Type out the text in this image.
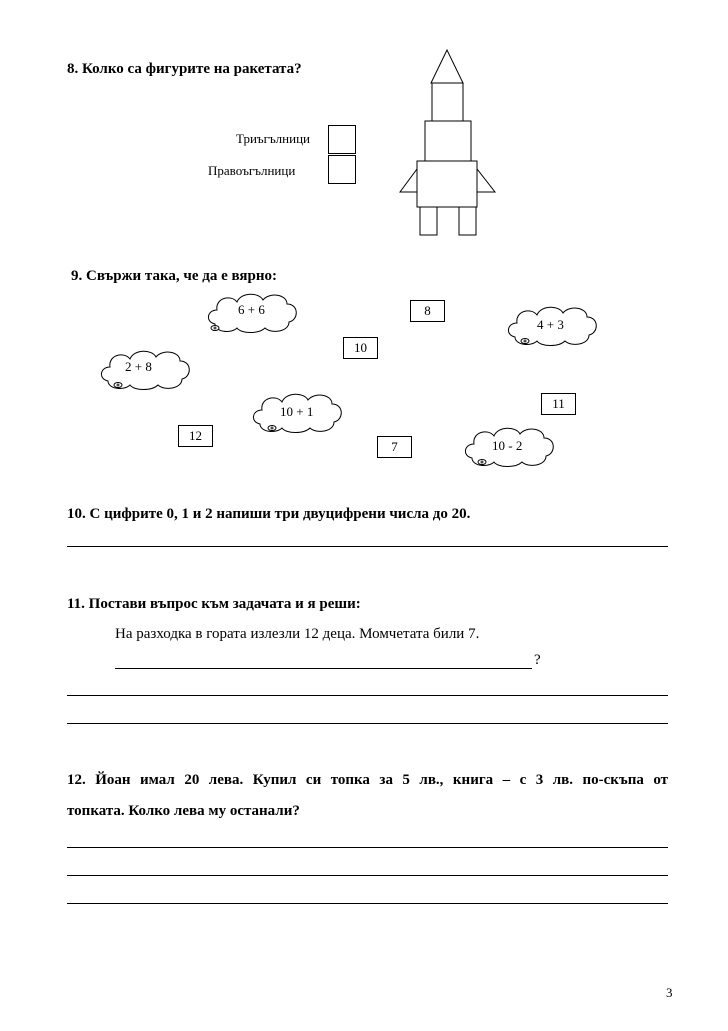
8. Колко са фигурите на ракетата?
Триъгълници
Правоъгълници
9. Свържи така, че да е вярно:
6 + 6
4 + 3
2 + 8
10 + 1
10 - 2
8
10
11
12
7
10. С цифрите 0, 1 и 2 напиши три двуцифрени числа до 20.
11. Постави въпрос към задачата и я реши:
На разходка в гората излезли 12 деца. Момчетата били 7.
?
12. Йоан имал 20 лева. Купил си топка за 5 лв., книга – с 3 лв. по-скъпа от
топката. Колко лева му останали?
3
